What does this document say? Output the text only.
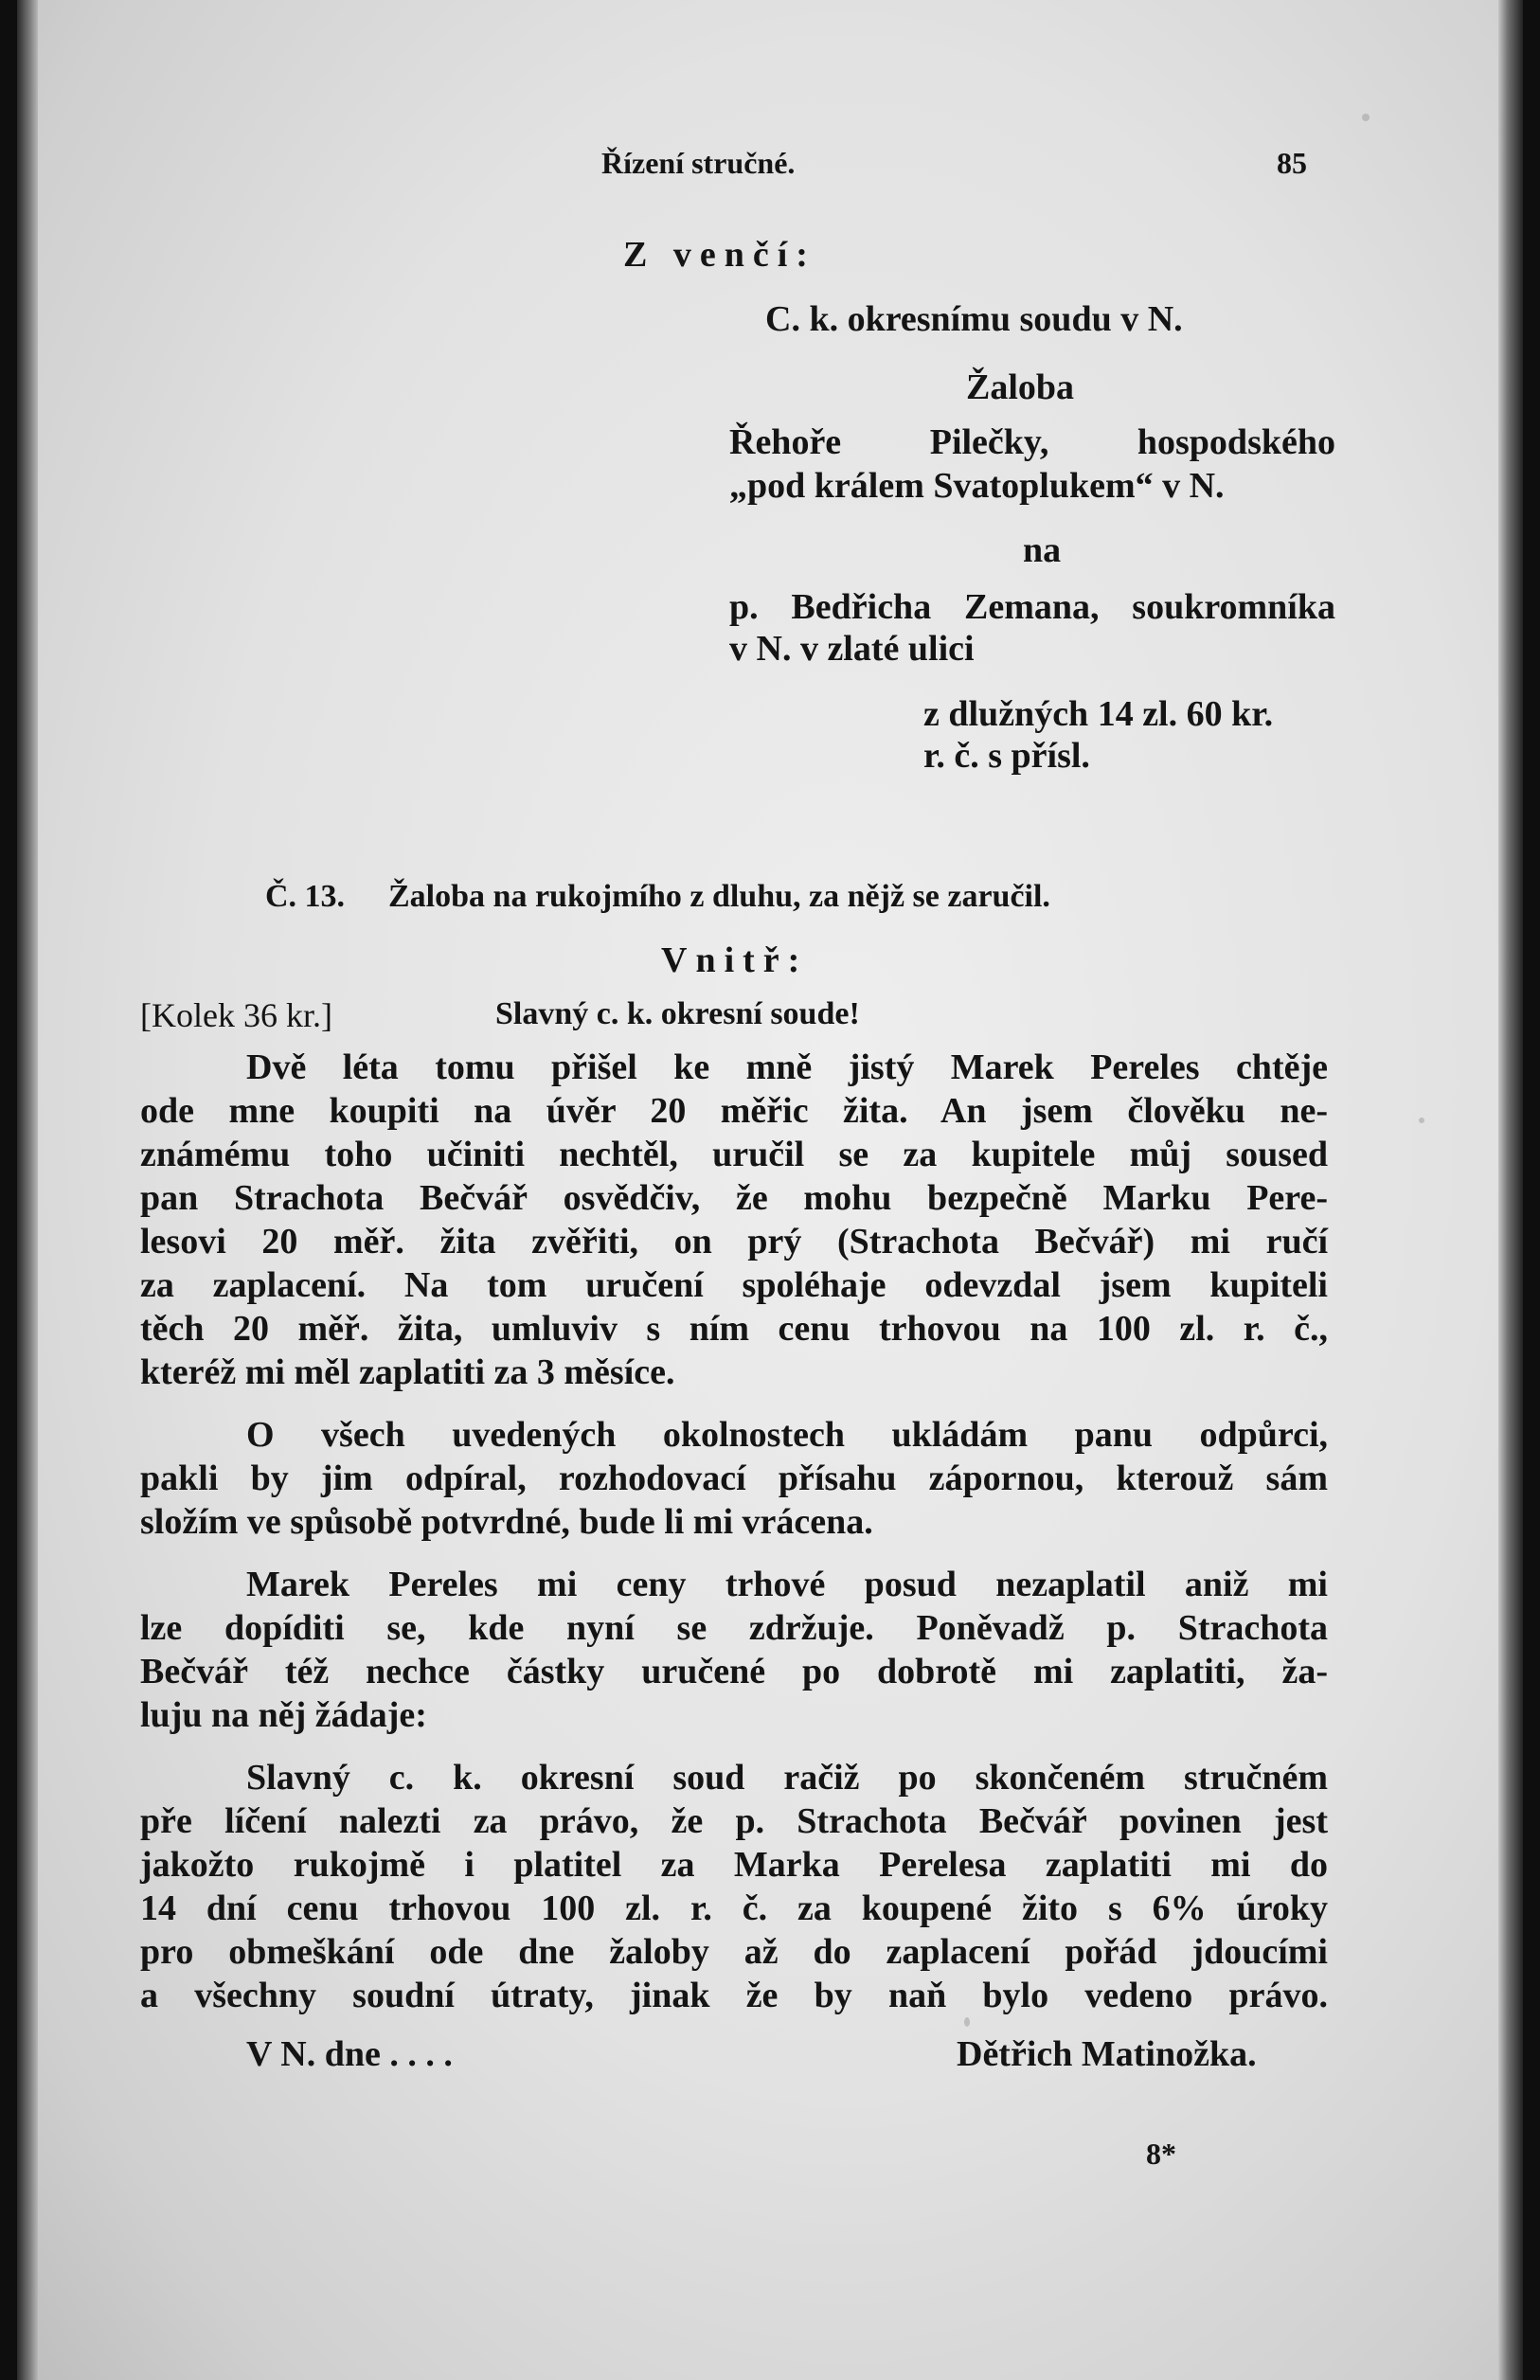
Řízení stručné.	85
Z venčí:
C. k. okresnímu soudu v N.
Žaloba
Řehoře Pilečky, hospodského
„pod králem Svatoplukem“ v N.
na
p. Bedřicha Zemana, soukromníka
v N. v zlaté ulici
z dlužných 14 zl. 60 kr.
r. č. s přísl.
Č. 13. Žaloba na rukojmího z dluhu, za nějž se zaručil.
Vnitř:
[Kolek 36 kr.]	Slavný c. k. okresní soude!
Dvě léta tomu přišel ke mně jistý Marek Pereles chtěje
ode mne koupiti na úvěr 20 měřic žita. An jsem člověku ne-
známému toho učiniti nechtěl, uručil se za kupitele můj soused
pan Strachota Bečvář osvědčiv, že mohu bezpečně Marku Pere-
lesovi 20 měř. žita zvěřiti, on prý (Strachota Bečvář) mi ručí
za zaplacení. Na tom uručení spoléhaje odevzdal jsem kupiteli
těch 20 měř. žita, umluviv s ním cenu trhovou na 100 zl. r. č.,
kteréž mi měl zaplatiti za 3 měsíce.
O všech uvedených okolnostech ukládám panu odpůrci,
pakli by jim odpíral, rozhodovací přísahu zápornou, kterouž sám
složím ve spůsobě potvrdné, bude li mi vrácena.
Marek Pereles mi ceny trhové posud nezaplatil aniž mi
lze dopíditi se, kde nyní se zdržuje. Poněvadž p. Strachota
Bečvář též nechce částky uručené po dobrotě mi zaplatiti, ža-
luju na něj žádaje:
Slavný c. k. okresní soud račiž po skončeném stručném
pře líčení nalezti za právo, že p. Strachota Bečvář povinen jest
jakožto rukojmě i platitel za Marka Perelesa zaplatiti mi do
14 dní cenu trhovou 100 zl. r. č. za koupené žito s 6% úroky
pro obmeškání ode dne žaloby až do zaplacení pořád jdoucími
a všechny soudní útraty, jinak že by naň bylo vedeno právo.
V N. dne . . . .	Dětřich Matinožka.
8*
